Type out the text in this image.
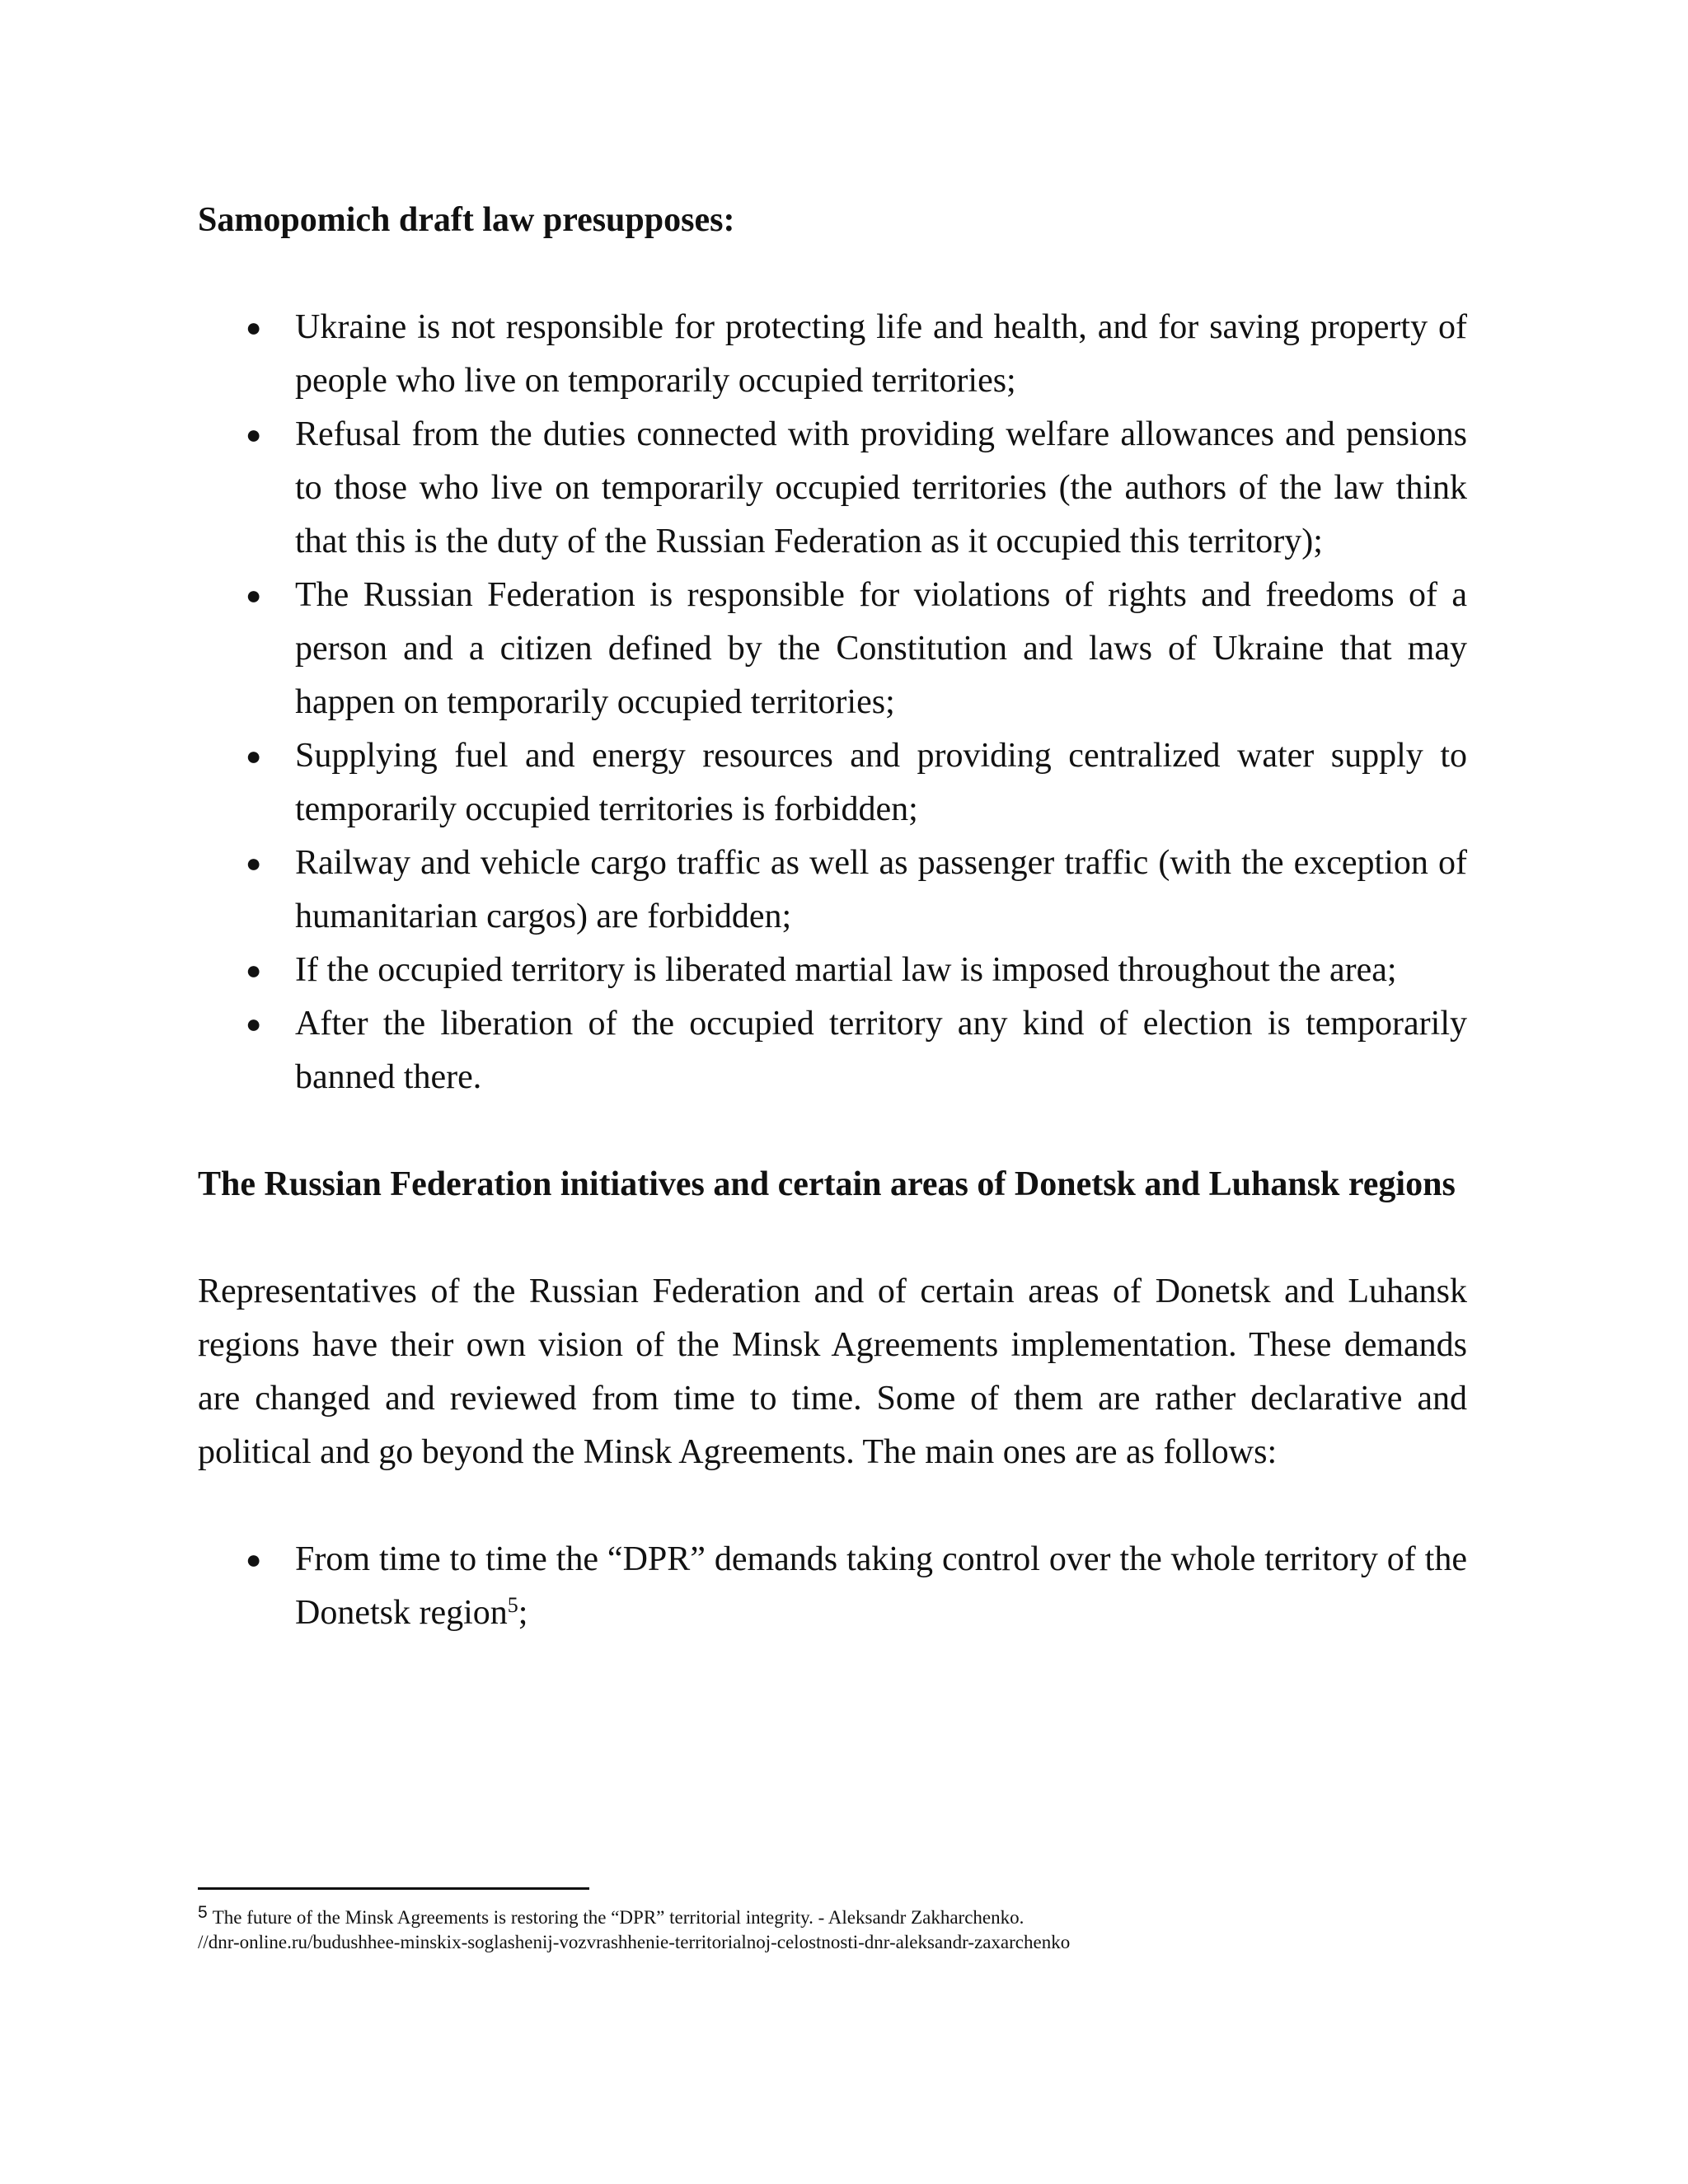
Samopomich draft law presupposes:
● Ukraine is not responsible for protecting life and health, and for saving property of people who live on temporarily occupied territories;
● Refusal from the duties connected with providing welfare allowances and pensions to those who live on temporarily occupied territories (the authors of the law think that this is the duty of the Russian Federation as it occupied this territory);
● The Russian Federation is responsible for violations of rights and freedoms of a person and a citizen defined by the Constitution and laws of Ukraine that may happen on temporarily occupied territories;
● Supplying fuel and energy resources and providing centralized water supply to temporarily occupied territories is forbidden;
● Railway and vehicle cargo traffic as well as passenger traffic (with the exception of humanitarian cargos) are forbidden;
● If the occupied territory is liberated martial law is imposed throughout the area;
● After the liberation of the occupied territory any kind of election is temporarily banned there.
The Russian Federation initiatives and certain areas of Donetsk and Luhansk regions

Representatives of the Russian Federation and of certain areas of Donetsk and Luhansk regions have their own vision of the Minsk Agreements implementation. These demands are changed and reviewed from time to time. Some of them are rather declarative and political and go beyond the Minsk Agreements. The main ones are as follows:

● From time to time the “DPR” demands taking control over the whole territory of the Donetsk region$^5$;
5 The future of the Minsk Agreements is restoring the “DPR” territorial integrity. - Aleksandr Zakharchenko.
//dnr-online.ru/budushhee-minskix-soglashenij-vozvrashhenie-territorialnoj-celostnosti-dnr-aleksandr-zaxarchenko
